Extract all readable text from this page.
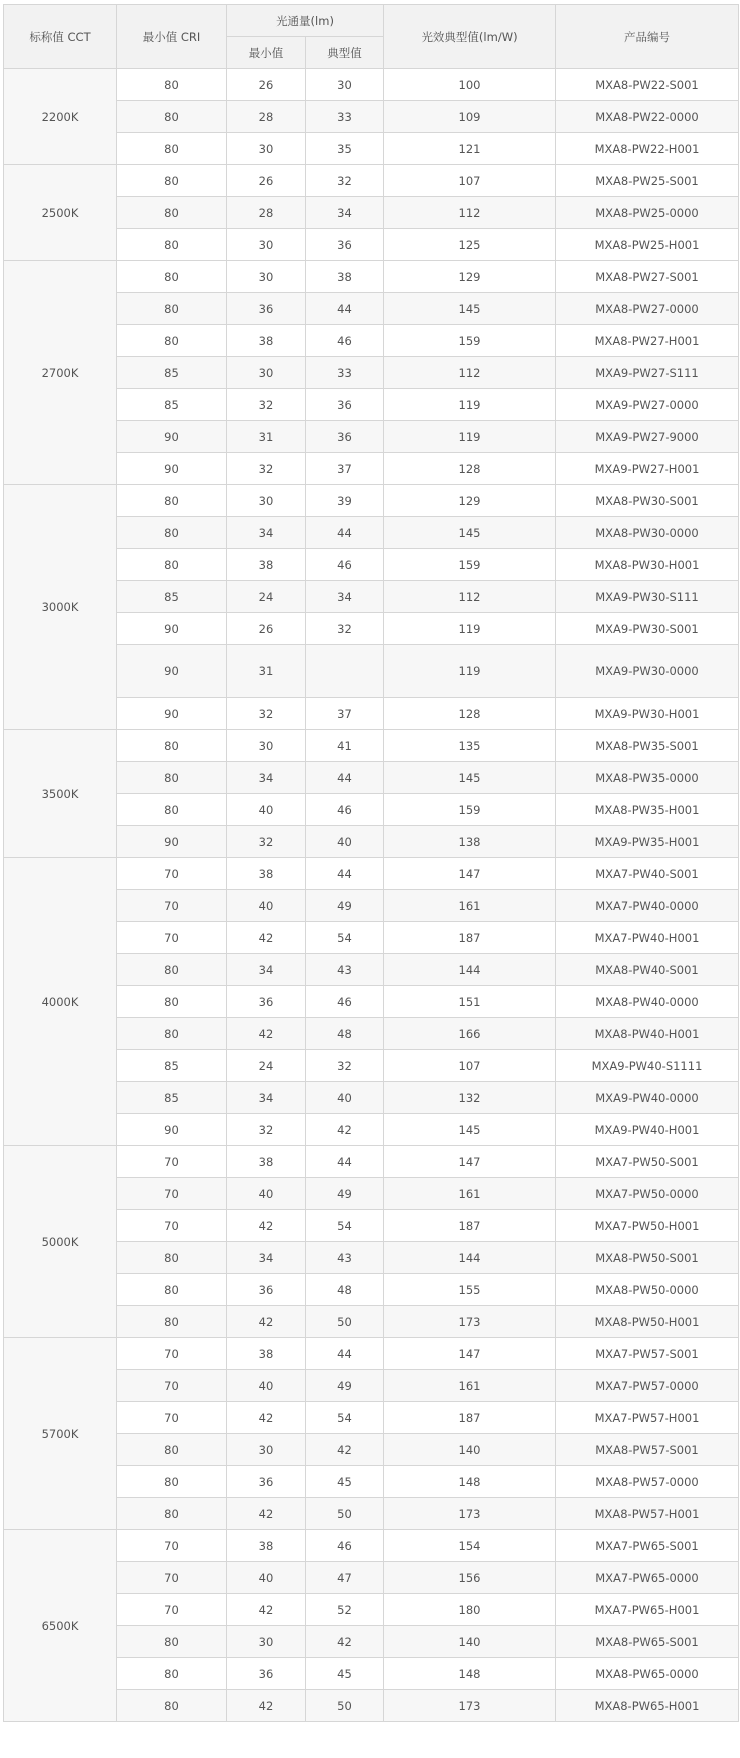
标称值 CCT	最小值 CRI	光通量(lm)		光效典型值(lm/W)	产品编号
		最小值	典型值		
2200K	80	26	30	100	MXA8-PW22-S001
	80	28	33	109	MXA8-PW22-0000
	80	30	35	121	MXA8-PW22-H001
2500K	80	26	32	107	MXA8-PW25-S001
	80	28	34	112	MXA8-PW25-0000
	80	30	36	125	MXA8-PW25-H001
2700K	80	30	38	129	MXA8-PW27-S001
	80	36	44	145	MXA8-PW27-0000
	80	38	46	159	MXA8-PW27-H001
	85	30	33	112	MXA9-PW27-S111
	85	32	36	119	MXA9-PW27-0000
	90	31	36	119	MXA9-PW27-9000
	90	32	37	128	MXA9-PW27-H001
3000K	80	30	39	129	MXA8-PW30-S001
	80	34	44	145	MXA8-PW30-0000
	80	38	46	159	MXA8-PW30-H001
	85	24	34	112	MXA9-PW30-S111
	90	26	32	119	MXA9-PW30-S001
	90	31		119	MXA9-PW30-0000
	90	32	37	128	MXA9-PW30-H001
3500K	80	30	41	135	MXA8-PW35-S001
	80	34	44	145	MXA8-PW35-0000
	80	40	46	159	MXA8-PW35-H001
	90	32	40	138	MXA9-PW35-H001
4000K	70	38	44	147	MXA7-PW40-S001
	70	40	49	161	MXA7-PW40-0000
	70	42	54	187	MXA7-PW40-H001
	80	34	43	144	MXA8-PW40-S001
	80	36	46	151	MXA8-PW40-0000
	80	42	48	166	MXA8-PW40-H001
	85	24	32	107	MXA9-PW40-S1111
	85	34	40	132	MXA9-PW40-0000
	90	32	42	145	MXA9-PW40-H001
5000K	70	38	44	147	MXA7-PW50-S001
	70	40	49	161	MXA7-PW50-0000
	70	42	54	187	MXA7-PW50-H001
	80	34	43	144	MXA8-PW50-S001
	80	36	48	155	MXA8-PW50-0000
	80	42	50	173	MXA8-PW50-H001
5700K	70	38	44	147	MXA7-PW57-S001
	70	40	49	161	MXA7-PW57-0000
	70	42	54	187	MXA7-PW57-H001
	80	30	42	140	MXA8-PW57-S001
	80	36	45	148	MXA8-PW57-0000
	80	42	50	173	MXA8-PW57-H001
6500K	70	38	46	154	MXA7-PW65-S001
	70	40	47	156	MXA7-PW65-0000
	70	42	52	180	MXA7-PW65-H001
	80	30	42	140	MXA8-PW65-S001
	80	36	45	148	MXA8-PW65-0000
	80	42	50	173	MXA8-PW65-H001
